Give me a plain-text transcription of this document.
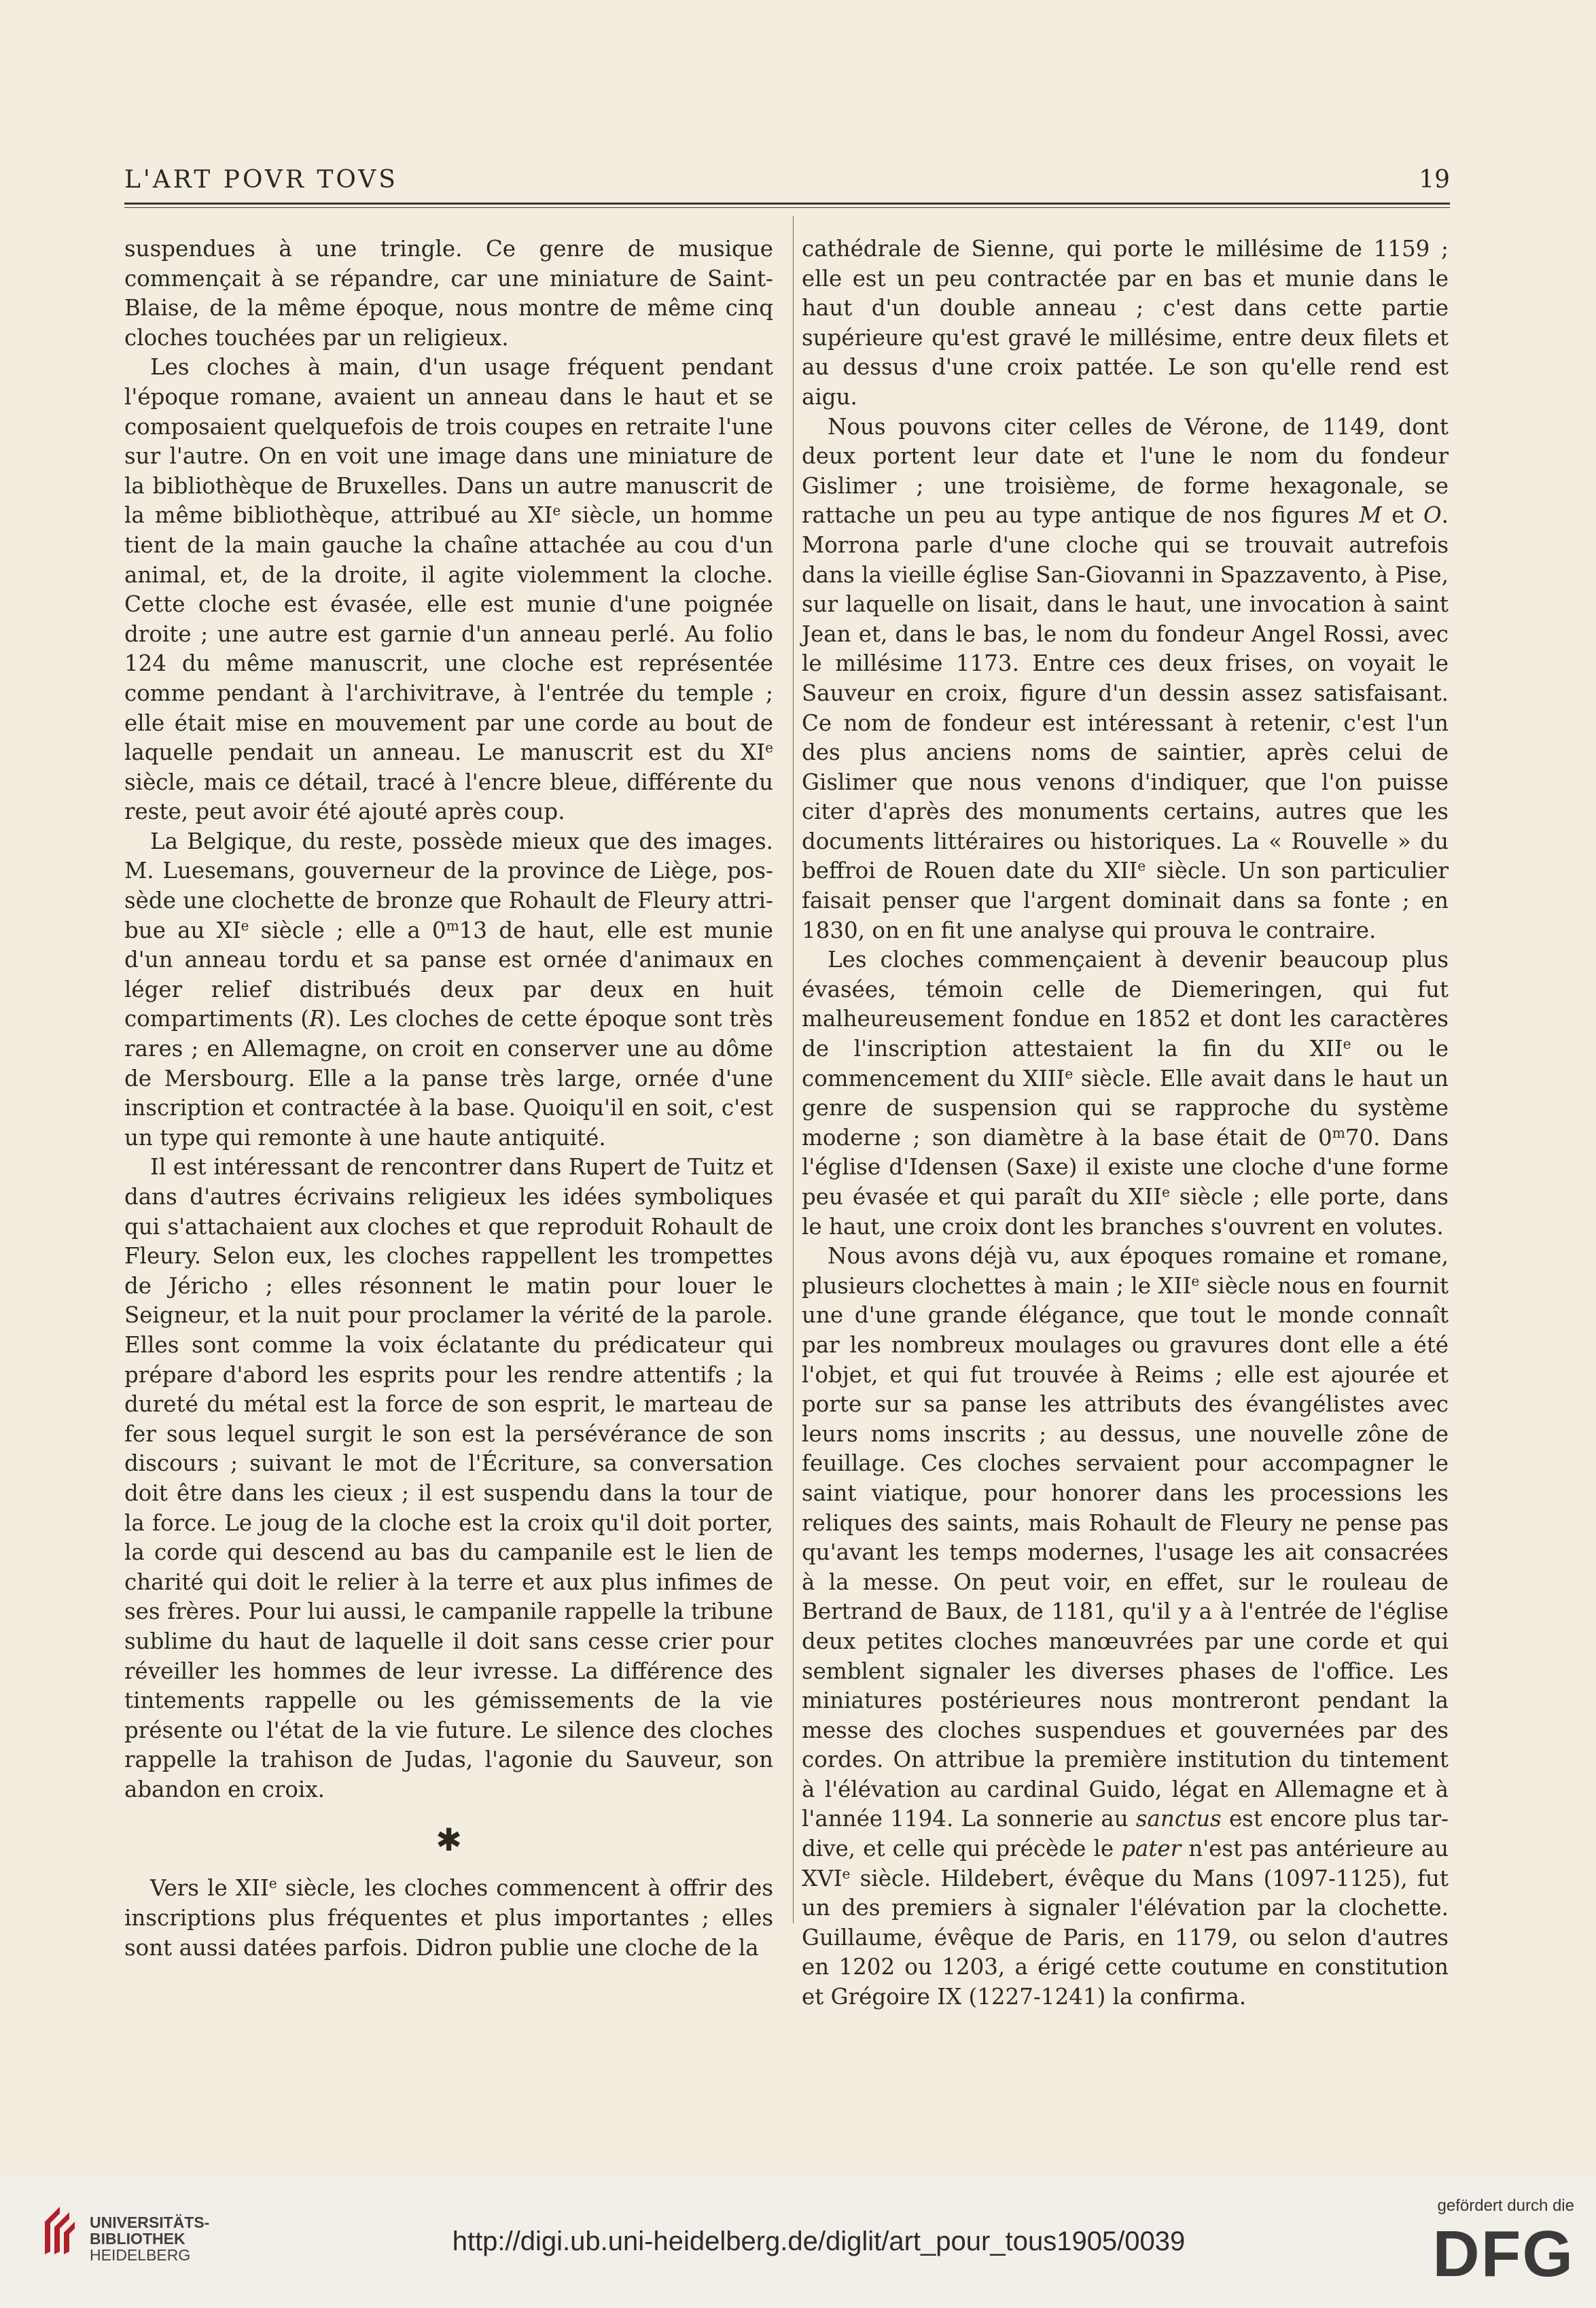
L'ART POVR TOVS	19

suspendues à une tringle. Ce genre de musique commençait à se répandre, car une miniature de Saint-Blaise, de la même époque, nous montre de même cinq cloches touchées par un religieux.

Les cloches à main, d'un usage fréquent pendant l'époque romane, avaient un anneau dans le haut et se composaient quelquefois de trois coupes en retraite l'une sur l'autre. On en voit une image dans une miniature de la bibliothèque de Bruxelles. Dans un autre manuscrit de la même bibliothèque, attribué au XIe siècle, un homme tient de la main gauche la chaîne attachée au cou d'un animal, et, de la droite, il agite violemment la cloche. Cette cloche est évasée, elle est munie d'une poignée droite ; une autre est garnie d'un anneau perlé. Au folio 124 du même manuscrit, une cloche est représentée comme pendant à l'archivitrave, à l'entrée du temple ; elle était mise en mouvement par une corde au bout de laquelle pendait un anneau. Le manuscrit est du XIe siècle, mais ce détail, tracé à l'encre bleue, différente du reste, peut avoir été ajouté après coup.

La Belgique, du reste, possède mieux que des images. M. Luesemans, gouverneur de la province de Liège, possède une clochette de bronze que Rohault de Fleury attribue au XIe siècle ; elle a 0$^m$13 de haut, elle est munie d'un anneau tordu et sa panse est ornée d'animaux en léger relief distribués deux par deux en huit compartiments (R). Les cloches de cette époque sont très rares ; en Allemagne, on croit en conserver une au dôme de Mersbourg. Elle a la panse très large, ornée d'une inscription et contractée à la base. Quoiqu'il en soit, c'est un type qui remonte à une haute antiquité.

Il est intéressant de rencontrer dans Rupert de Tuitz et dans d'autres écrivains religieux les idées symboliques qui s'attachaient aux cloches et que reproduit Rohault de Fleury. Selon eux, les cloches rappellent les trompettes de Jéricho ; elles résonnent le matin pour louer le Seigneur, et la nuit pour proclamer la vérité de la parole. Elles sont comme la voix éclatante du prédicateur qui prépare d'abord les esprits pour les rendre attentifs ; la dureté du métal est la force de son esprit, le marteau de fer sous lequel surgit le son est la persévérance de son discours ; suivant le mot de l'Écriture, sa conversation doit être dans les cieux ; il est suspendu dans la tour de la force. Le joug de la cloche est la croix qu'il doit porter, la corde qui descend au bas du campanile est le lien de charité qui doit le relier à la terre et aux plus infimes de ses frères. Pour lui aussi, le campanile rappelle la tribune sublime du haut de laquelle il doit sans cesse crier pour réveiller les hommes de leur ivresse. La différence des tintements rappelle ou les gémissements de la vie présente ou l'état de la vie future. Le silence des cloches rappelle la trahison de Judas, l'agonie du Sauveur, son abandon en croix.

✱

Vers le XIIe siècle, les cloches commencent à offrir des inscriptions plus fréquentes et plus importantes ; elles sont aussi datées parfois. Didron publie une cloche de la

cathédrale de Sienne, qui porte le millésime de 1159 ; elle est un peu contractée par en bas et munie dans le haut d'un double anneau ; c'est dans cette partie supérieure qu'est gravé le millésime, entre deux filets et au dessus d'une croix pattée. Le son qu'elle rend est aigu.

Nous pouvons citer celles de Vérone, de 1149, dont deux portent leur date et l'une le nom du fondeur Gislimer ; une troisième, de forme hexagonale, se rattache un peu au type antique de nos figures M et O. Morrona parle d'une cloche qui se trouvait autrefois dans la vieille église San-Giovanni in Spazzavento, à Pise, sur laquelle on lisait, dans le haut, une invocation à saint Jean et, dans le bas, le nom du fondeur Angel Rossi, avec le millésime 1173. Entre ces deux frises, on voyait le Sauveur en croix, figure d'un dessin assez satisfaisant. Ce nom de fondeur est intéressant à retenir, c'est l'un des plus anciens noms de saintier, après celui de Gislimer que nous venons d'indiquer, que l'on puisse citer d'après des monuments certains, autres que les documents littéraires ou historiques. La « Rouvelle » du beffroi de Rouen date du XIIe siècle. Un son particulier faisait penser que l'argent dominait dans sa fonte ; en 1830, on en fit une analyse qui prouva le contraire.

Les cloches commençaient à devenir beaucoup plus évasées, témoin celle de Diemeringen, qui fut malheureusement fondue en 1852 et dont les caractères de l'inscription attestaient la fin du XIIe ou le commencement du XIIIe siècle. Elle avait dans le haut un genre de suspension qui se rapproche du système moderne ; son diamètre à la base était de 0$^m$70. Dans l'église d'Idensen (Saxe) il existe une cloche d'une forme peu évasée et qui paraît du XIIe siècle ; elle porte, dans le haut, une croix dont les branches s'ouvrent en volutes.

Nous avons déjà vu, aux époques romaine et romane, plusieurs clochettes à main ; le XIIe siècle nous en fournit une d'une grande élégance, que tout le monde connaît par les nombreux moulages ou gravures dont elle a été l'objet, et qui fut trouvée à Reims ; elle est ajourée et porte sur sa panse les attributs des évangélistes avec leurs noms inscrits ; au dessus, une nouvelle zône de feuillage. Ces cloches servaient pour accompagner le saint viatique, pour honorer dans les processions les reliques des saints, mais Rohault de Fleury ne pense pas qu'avant les temps modernes, l'usage les ait consacrées à la messe. On peut voir, en effet, sur le rouleau de Bertrand de Baux, de 1181, qu'il y a à l'entrée de l'église deux petites cloches manœuvrées par une corde et qui semblent signaler les diverses phases de l'office. Les miniatures postérieures nous montreront pendant la messe des cloches suspendues et gouvernées par des cordes. On attribue la première institution du tintement à l'élévation au cardinal Guido, légat en Allemagne et à l'année 1194. La sonnerie au sanctus est encore plus tardive, et celle qui précède le pater n'est pas antérieure au XVIe siècle. Hildebert, évêque du Mans (1097-1125), fut un des premiers à signaler l'élévation par la clochette. Guillaume, évêque de Paris, en 1179, ou selon d'autres en 1202 ou 1203, a érigé cette coutume en constitution et Grégoire IX (1227-1241) la confirma.

UNIVERSITÄTS-
BIBLIOTHEK
HEIDELBERG	http://digi.ub.uni-heidelberg.de/diglit/art_pour_tous1905/0039
gefördert durch die
DFG
